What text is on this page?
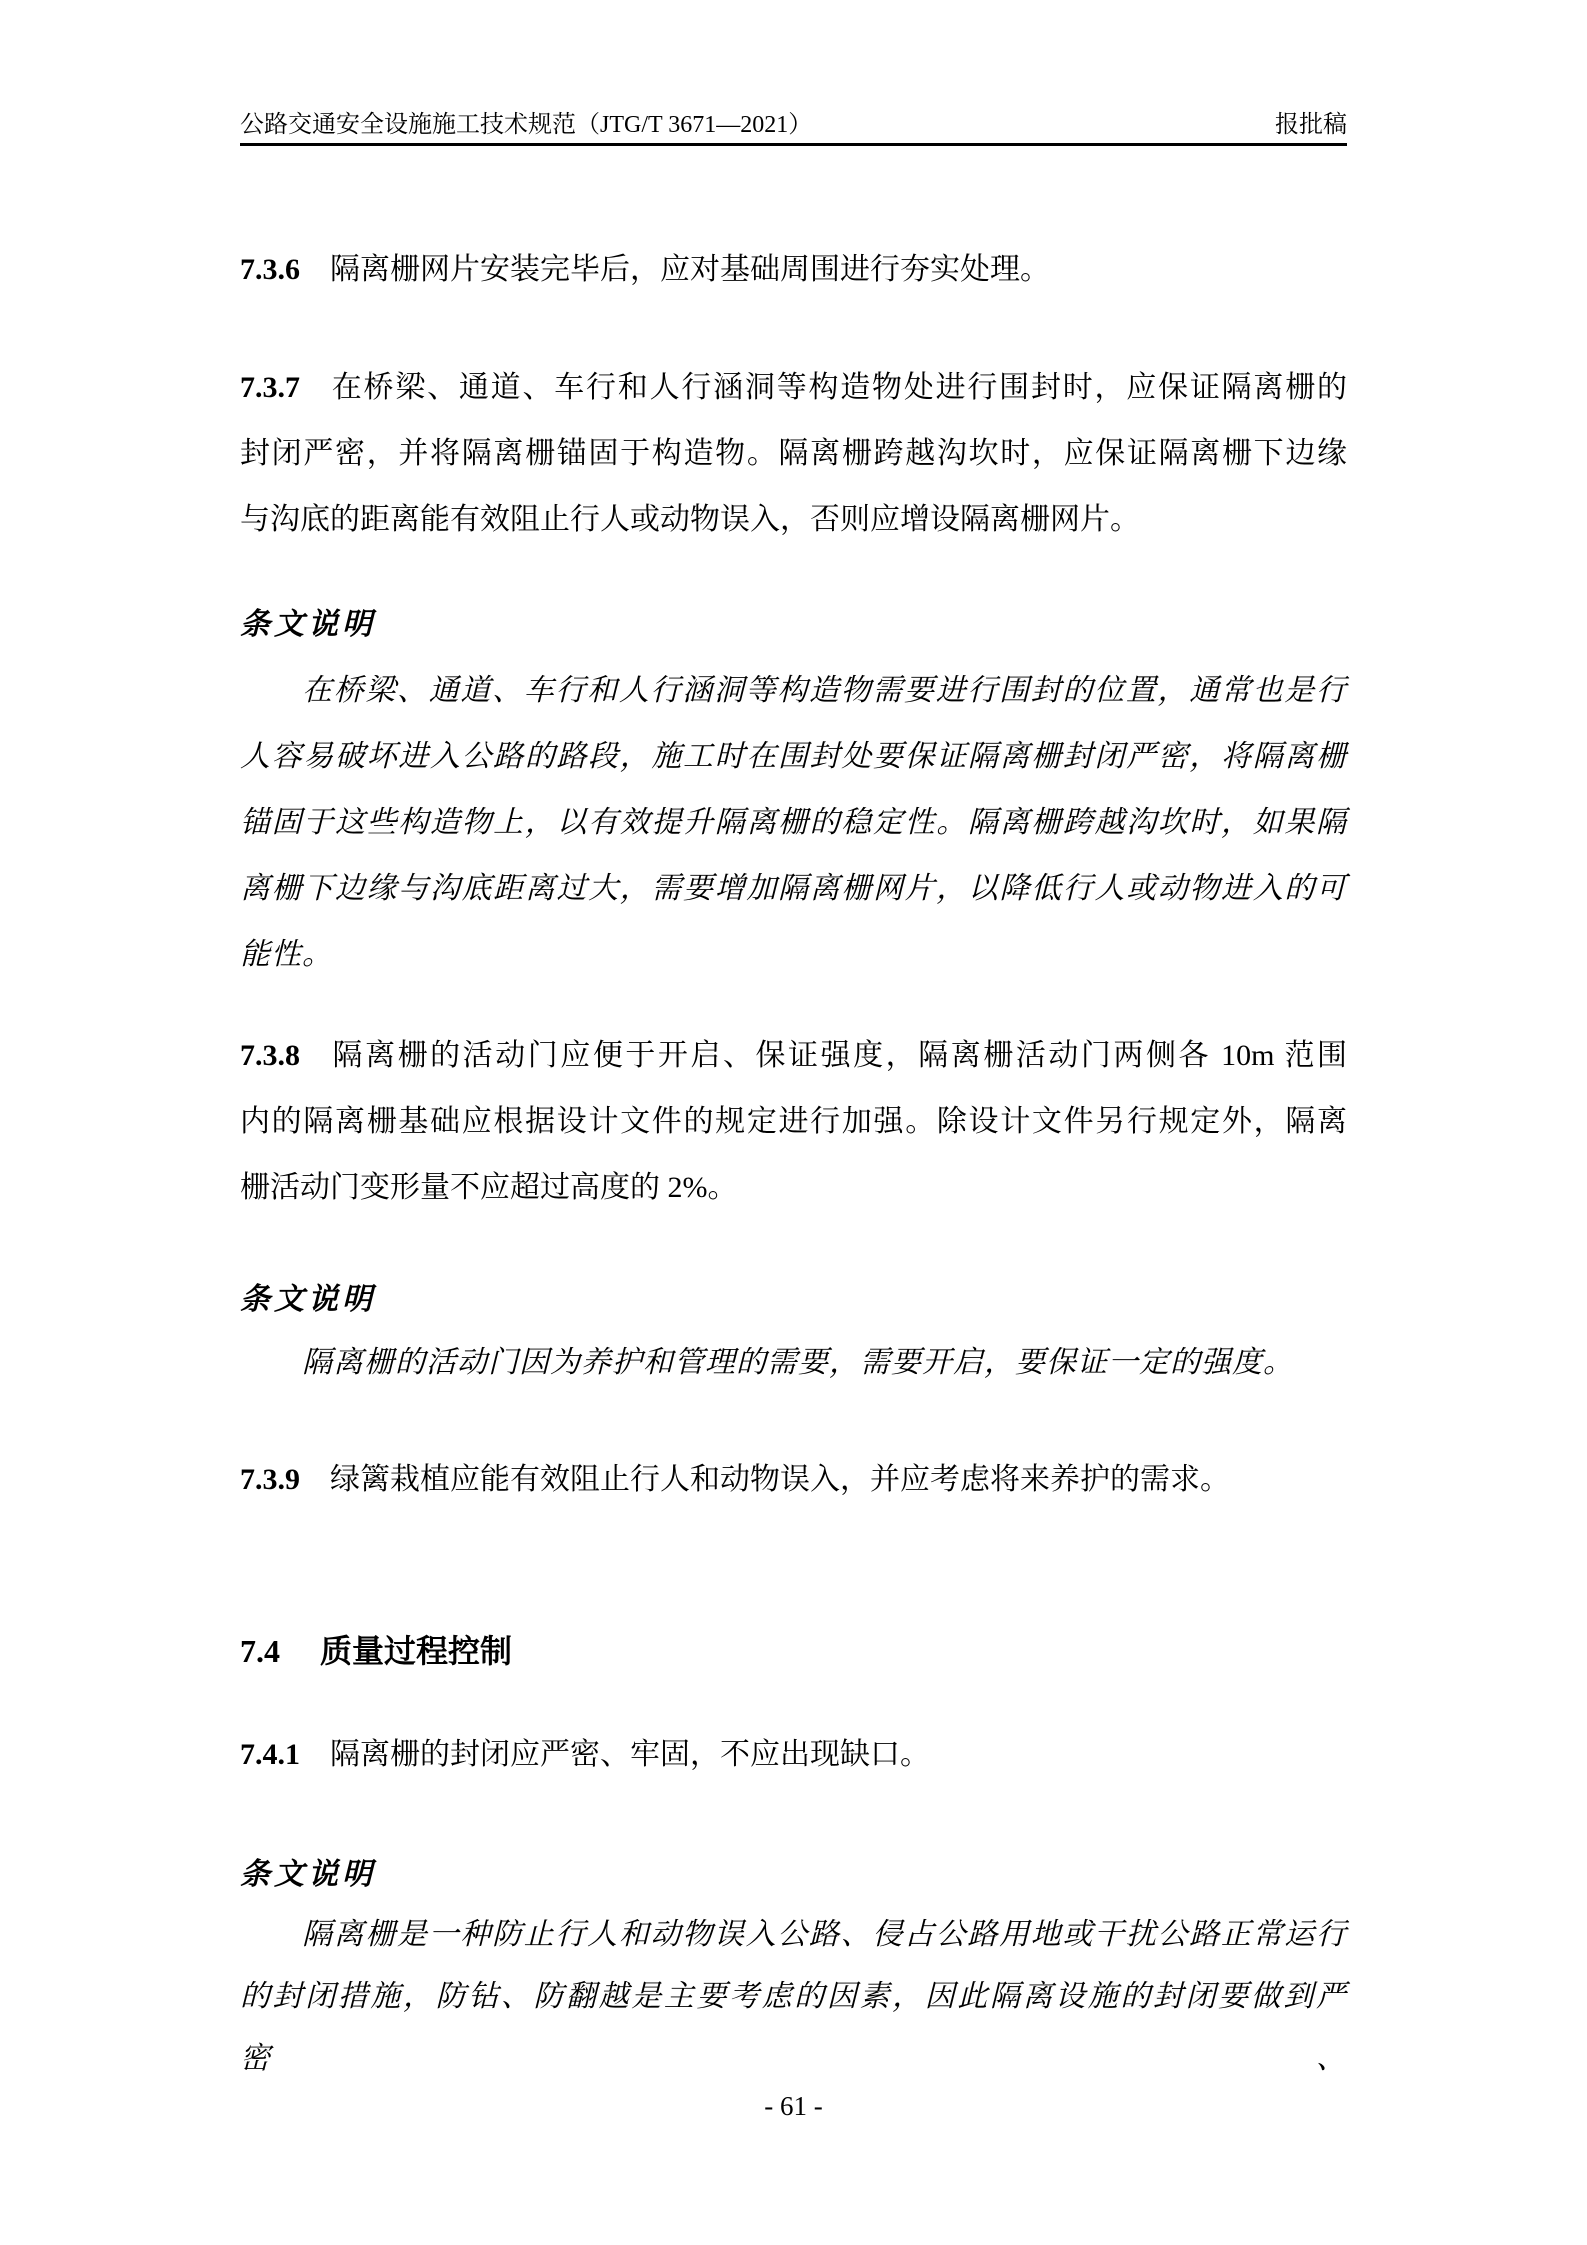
公路交通安全设施施工技术规范（JTG/T 3671—2021）	报批稿
7.3.6 隔离栅网片安装完毕后，应对基础周围进行夯实处理。
7.3.7 在桥梁、通道、车行和人行涵洞等构造物处进行围封时，应保证隔离栅的
封闭严密，并将隔离栅锚固于构造物。隔离栅跨越沟坎时，应保证隔离栅下边缘
与沟底的距离能有效阻止行人或动物误入，否则应增设隔离栅网片。
条文说明
在桥梁、通道、车行和人行涵洞等构造物需要进行围封的位置，通常也是行
人容易破坏进入公路的路段，施工时在围封处要保证隔离栅封闭严密，将隔离栅
锚固于这些构造物上，以有效提升隔离栅的稳定性。隔离栅跨越沟坎时，如果隔
离栅下边缘与沟底距离过大，需要增加隔离栅网片，以降低行人或动物进入的可
能性。
7.3.8 隔离栅的活动门应便于开启、保证强度，隔离栅活动门两侧各 10m 范围
内的隔离栅基础应根据设计文件的规定进行加强。除设计文件另行规定外，隔离
栅活动门变形量不应超过高度的 2%。
条文说明
隔离栅的活动门因为养护和管理的需要，需要开启，要保证一定的强度。
7.3.9 绿篱栽植应能有效阻止行人和动物误入，并应考虑将来养护的需求。
7.4 质量过程控制
7.4.1 隔离栅的封闭应严密、牢固，不应出现缺口。
条文说明
隔离栅是一种防止行人和动物误入公路、侵占公路用地或干扰公路正常运行
的封闭措施，防钻、防翻越是主要考虑的因素，因此隔离设施的封闭要做到严密、
- 61 -
